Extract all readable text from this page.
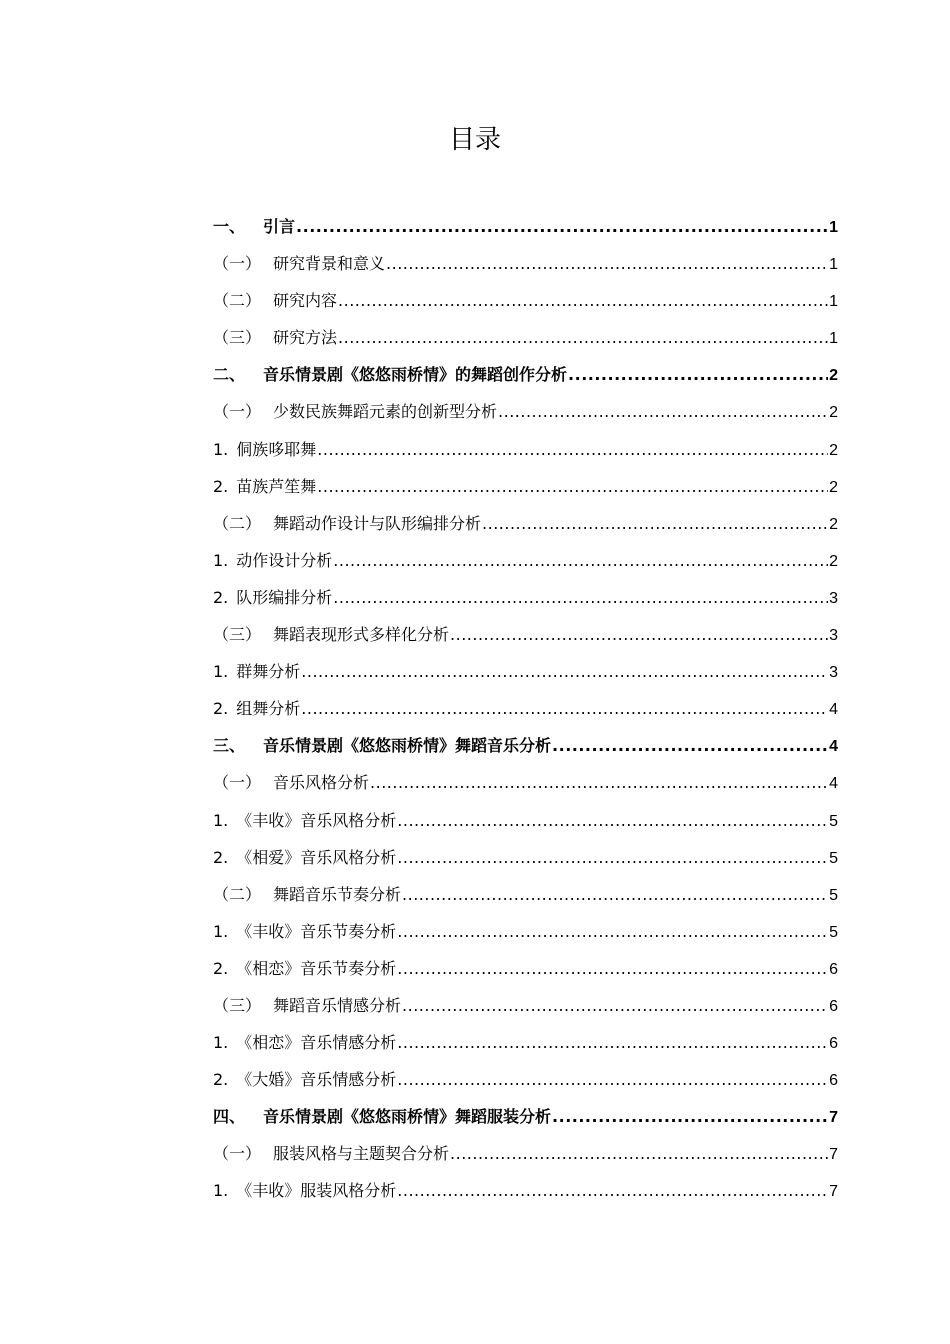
目录
一、 引言 .....	1
（一） 研究背景和意义 .....	1
（二） 研究内容 .....	1
（三） 研究方法 .....	1
二、 音乐情景剧《悠悠雨桥情》的舞蹈创作分析 .....	2
（一） 少数民族舞蹈元素的创新型分析 .....	2
1. 侗族哆耶舞 .....	2
2. 苗族芦笙舞 .....	2
（二） 舞蹈动作设计与队形编排分析 .....	2
1. 动作设计分析 .....	2
2. 队形编排分析 .....	3
（三） 舞蹈表现形式多样化分析 .....	3
1. 群舞分析 .....	3
2. 组舞分析 .....	4
三、 音乐情景剧《悠悠雨桥情》舞蹈音乐分析 .....	4
（一） 音乐风格分析 .....	4
1. 《丰收》音乐风格分析 .....	5
2. 《相爱》音乐风格分析 .....	5
（二） 舞蹈音乐节奏分析 .....	5
1. 《丰收》音乐节奏分析 .....	5
2. 《相恋》音乐节奏分析 .....	6
（三） 舞蹈音乐情感分析 .....	6
1. 《相恋》音乐情感分析 .....	6
2. 《大婚》音乐情感分析 .....	6
四、 音乐情景剧《悠悠雨桥情》舞蹈服装分析 .....	7
（一） 服装风格与主题契合分析 .....	7
1. 《丰收》服装风格分析 .....	7
